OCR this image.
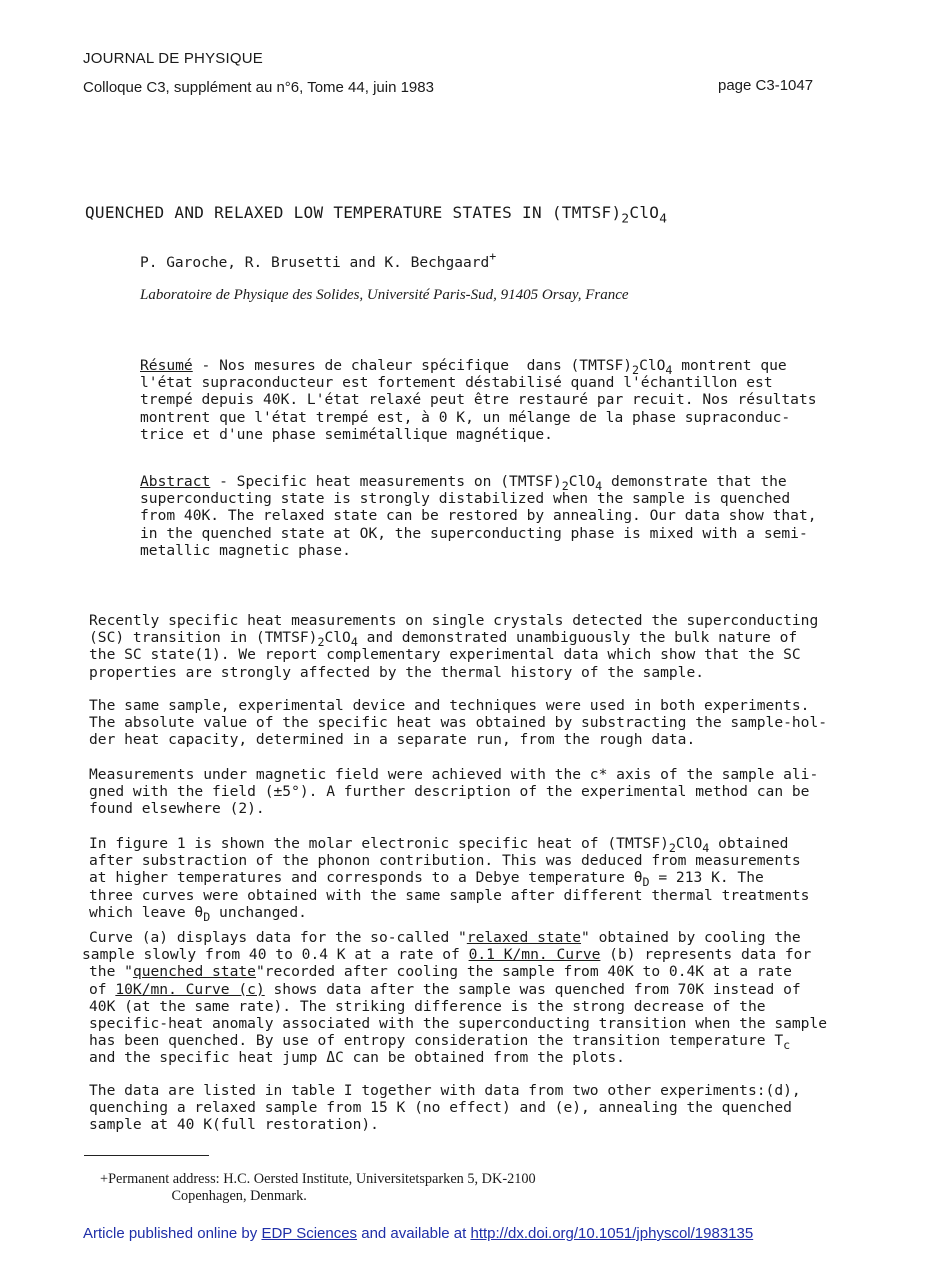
JOURNAL DE PHYSIQUE
Colloque C3, supplément au n°6, Tome 44, juin 1983	page C3-1047
QUENCHED AND RELAXED LOW TEMPERATURE STATES IN $(TMTSF)_2ClO_4$
P. Garoche, R. Brusetti and K. Bechgaard+
Laboratoire de Physique des Solides, Université Paris-Sud, 91405 Orsay, France
Résumé - Nos mesures de chaleur spécifique  dans $(TMTSF)_2ClO_4$ montrent que
l'état supraconducteur est fortement déstabilisé quand l'échantillon est
trempé depuis 40K. L'état relaxé peut être restauré par recuit. Nos résultats
montrent que l'état trempé est, à 0 K, un mélange de la phase supraconduc-
trice et d'une phase semimétallique magnétique.
Abstract - Specific heat measurements on $(TMTSF)_2ClO_4$ demonstrate that the
superconducting state is strongly distabilized when the sample is quenched
from 40K. The relaxed state can be restored by annealing. Our data show that,
in the quenched state at OK, the superconducting phase is mixed with a semi-
metallic magnetic phase.
Recently specific heat measurements on single crystals detected the superconducting
(SC) transition in $(TMTSF)_2ClO_4$ and demonstrated unambiguously the bulk nature of
the SC state(1). We report complementary experimental data which show that the SC
properties are strongly affected by the thermal history of the sample.
The same sample, experimental device and techniques were used in both experiments.
The absolute value of the specific heat was obtained by substracting the sample-hol-
der heat capacity, determined in a separate run, from the rough data.
Measurements under magnetic field were achieved with the c* axis of the sample ali-
gned with the field (±5°). A further description of the experimental method can be
found elsewhere (2).
In figure 1 is shown the molar electronic specific heat of $(TMTSF)_2ClO_4$ obtained
after substraction of the phonon contribution. This was deduced from measurements
at higher temperatures and corresponds to a Debye temperature $\theta_D = 213$ K. The
three curves were obtained with the same sample after different thermal treatments
which leave $\theta_D$ unchanged.
Curve (a) displays data for the so-called "relaxed state" obtained by cooling the
sample slowly from 40 to 0.4 K at a rate of 0.1 K/mn. Curve (b) represents data for
the "quenched state"recorded after cooling the sample from 40K to 0.4K at a rate
of 10K/mn. Curve (c) shows data after the sample was quenched from 70K instead of
40K (at the same rate). The striking difference is the strong decrease of the
specific-heat anomaly associated with the superconducting transition when the sample
has been quenched. By use of entropy consideration the transition temperature $T_c$
and the specific heat jump ΔC can be obtained from the plots.
The data are listed in table I together with data from two other experiments:(d),
quenching a relaxed sample from 15 K (no effect) and (e), annealing the quenched
sample at 40 K(full restoration).
+Permanent address: H.C. Oersted Institute, Universitetsparken 5, DK-2100
Copenhagen, Denmark.
Article published online by EDP Sciences and available at http://dx.doi.org/10.1051/jphyscol/1983135
